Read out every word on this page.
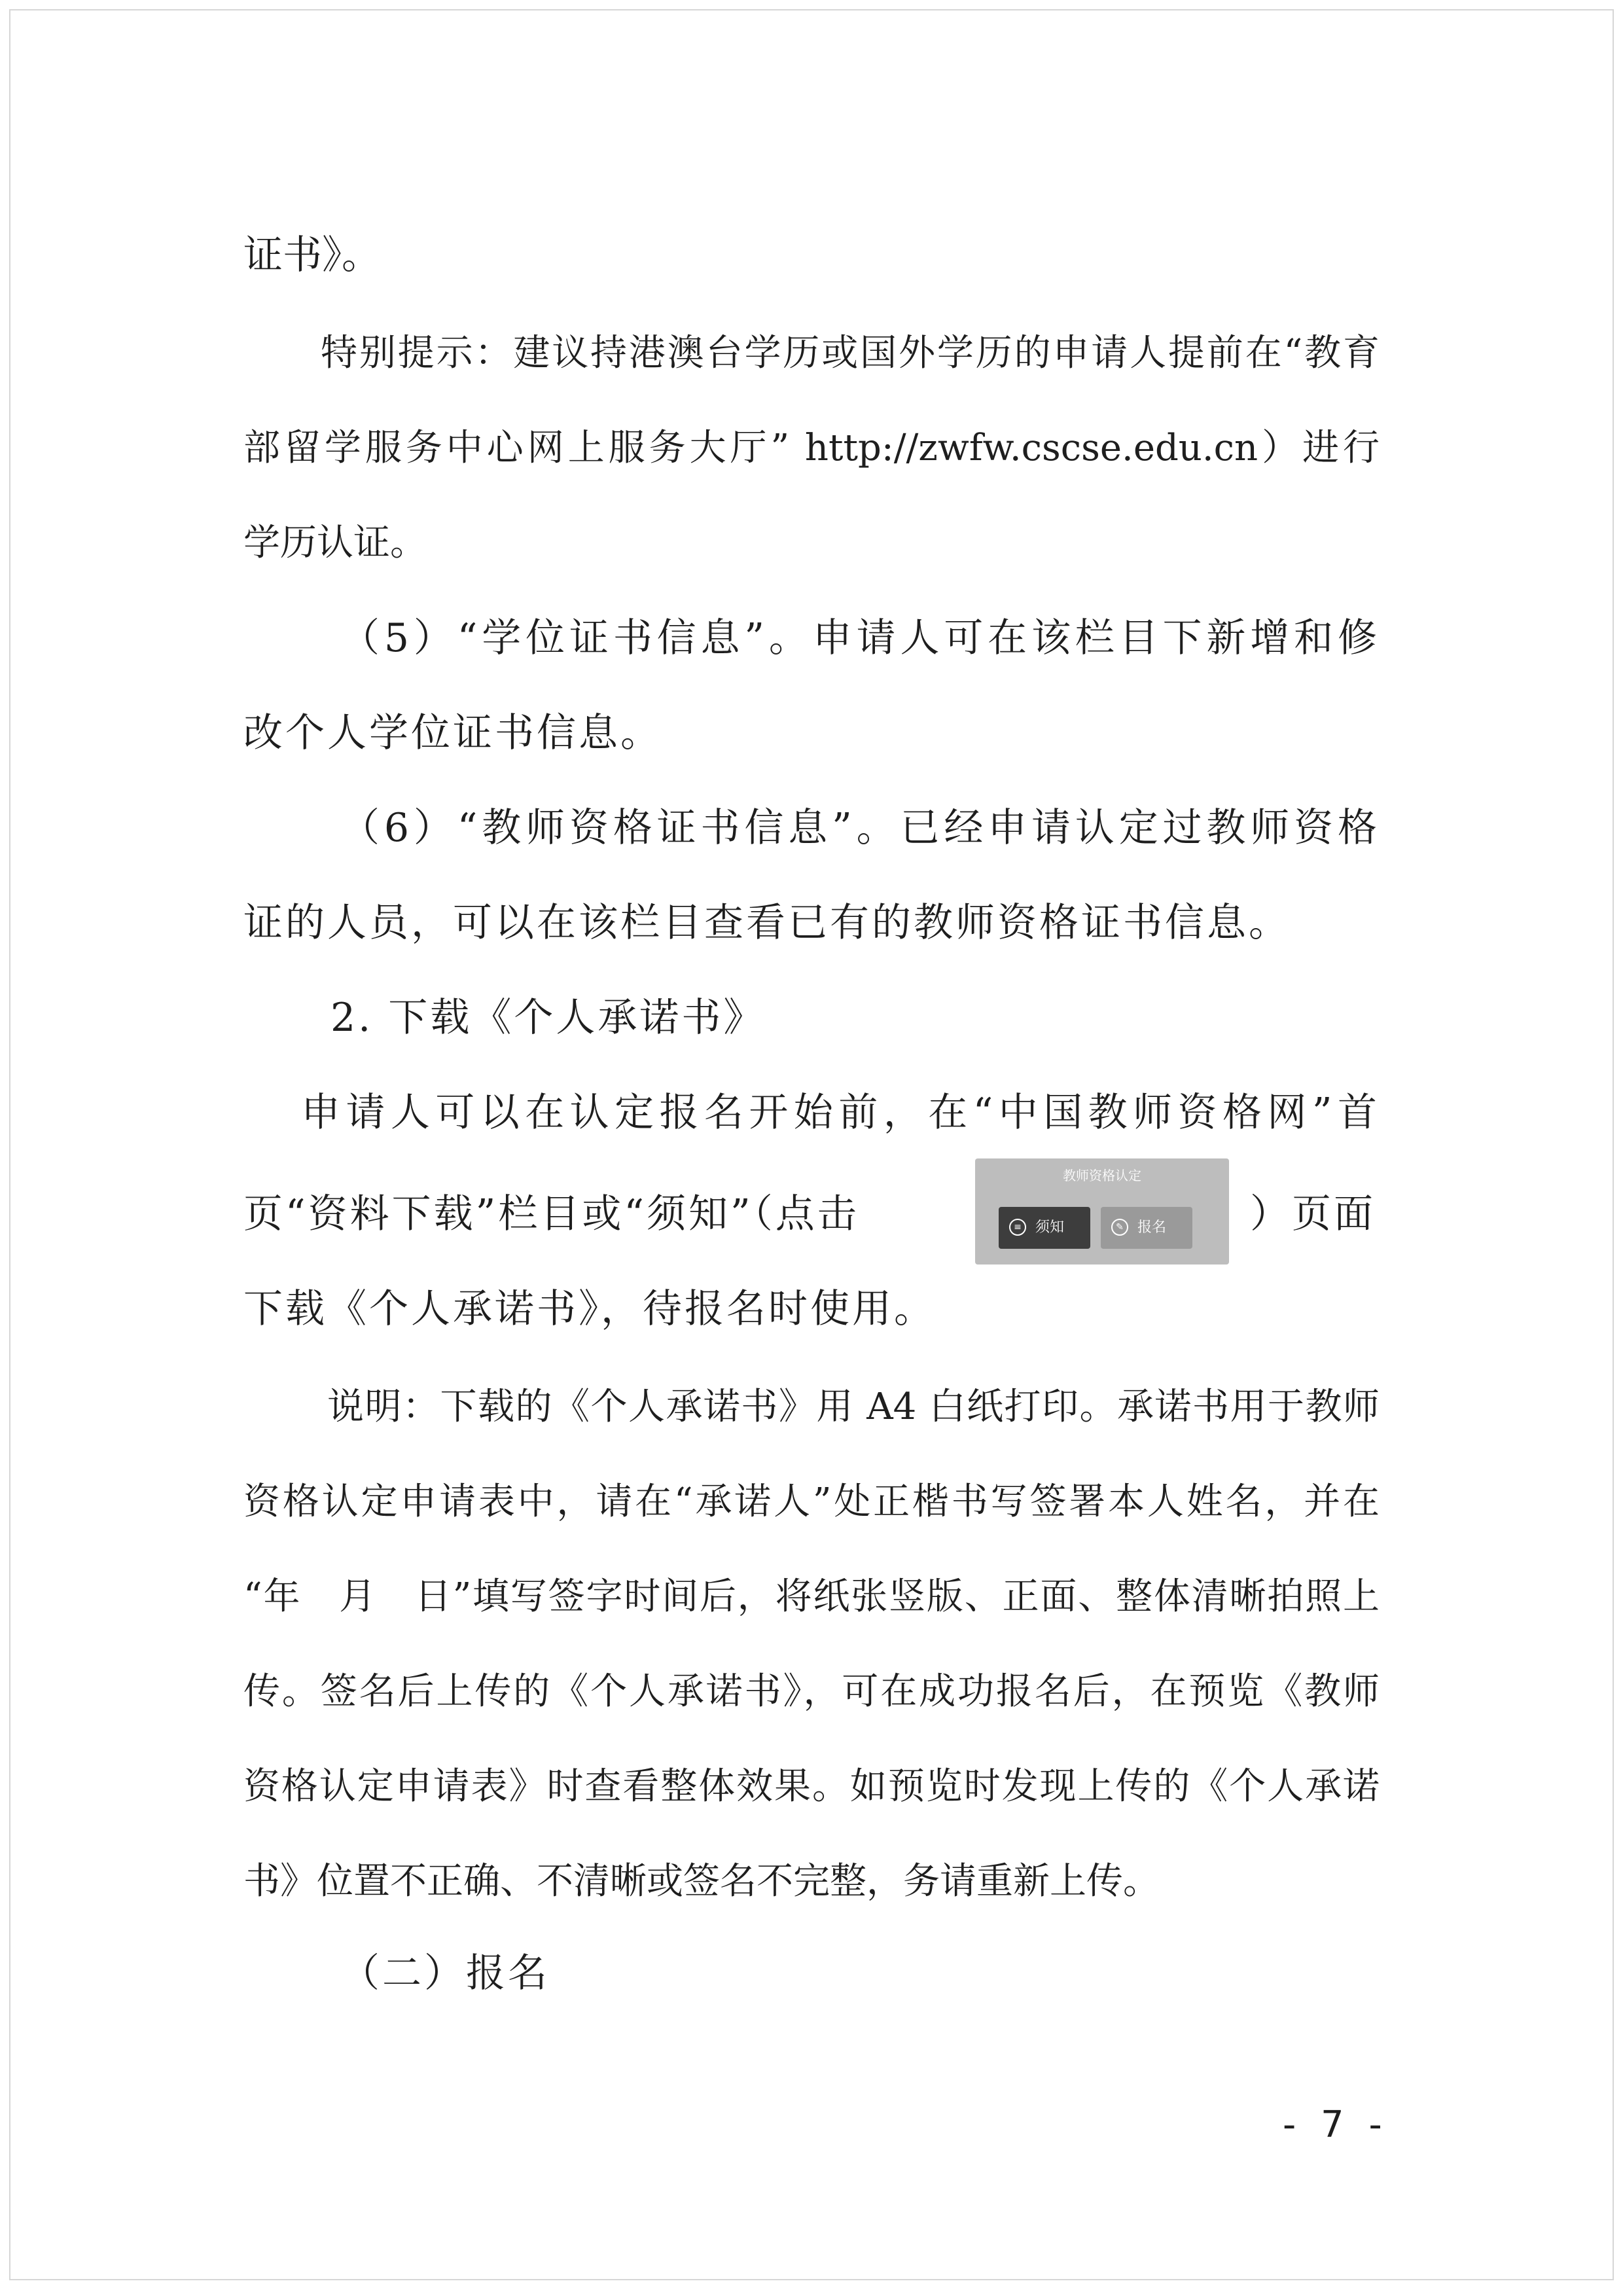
证书》。
特别提示：建议持港澳台学历或国外学历的申请人提前在“教育
部留学服务中心网上服务大厅” http://zwfw.cscse.edu.cn）进行
学历认证。
（5）“学位证书信息”。申请人可在该栏目下新增和修
改个人学位证书信息。
（6）“教师资格证书信息”。已经申请认定过教师资格
证的人员，可以在该栏目查看已有的教师资格证书信息。
2. 下载《个人承诺书》
申请人可以在认定报名开始前，在“中国教师资格网”首
页“资料下载”栏目或“须知”（点击
教师资格认定
≡ 须知	✎ 报名 ）页面
下载《个人承诺书》，待报名时使用。
说明：下载的《个人承诺书》用 A4 白纸打印。承诺书用于教师
资格认定申请表中，请在“承诺人”处正楷书写签署本人姓名，并在
“年　月　日”填写签字时间后，将纸张竖版、正面、整体清晰拍照上
传。签名后上传的《个人承诺书》，可在成功报名后，在预览《教师
资格认定申请表》时查看整体效果。如预览时发现上传的《个人承诺
书》位置不正确、不清晰或签名不完整，务请重新上传。
（二）报名
- 7 -
